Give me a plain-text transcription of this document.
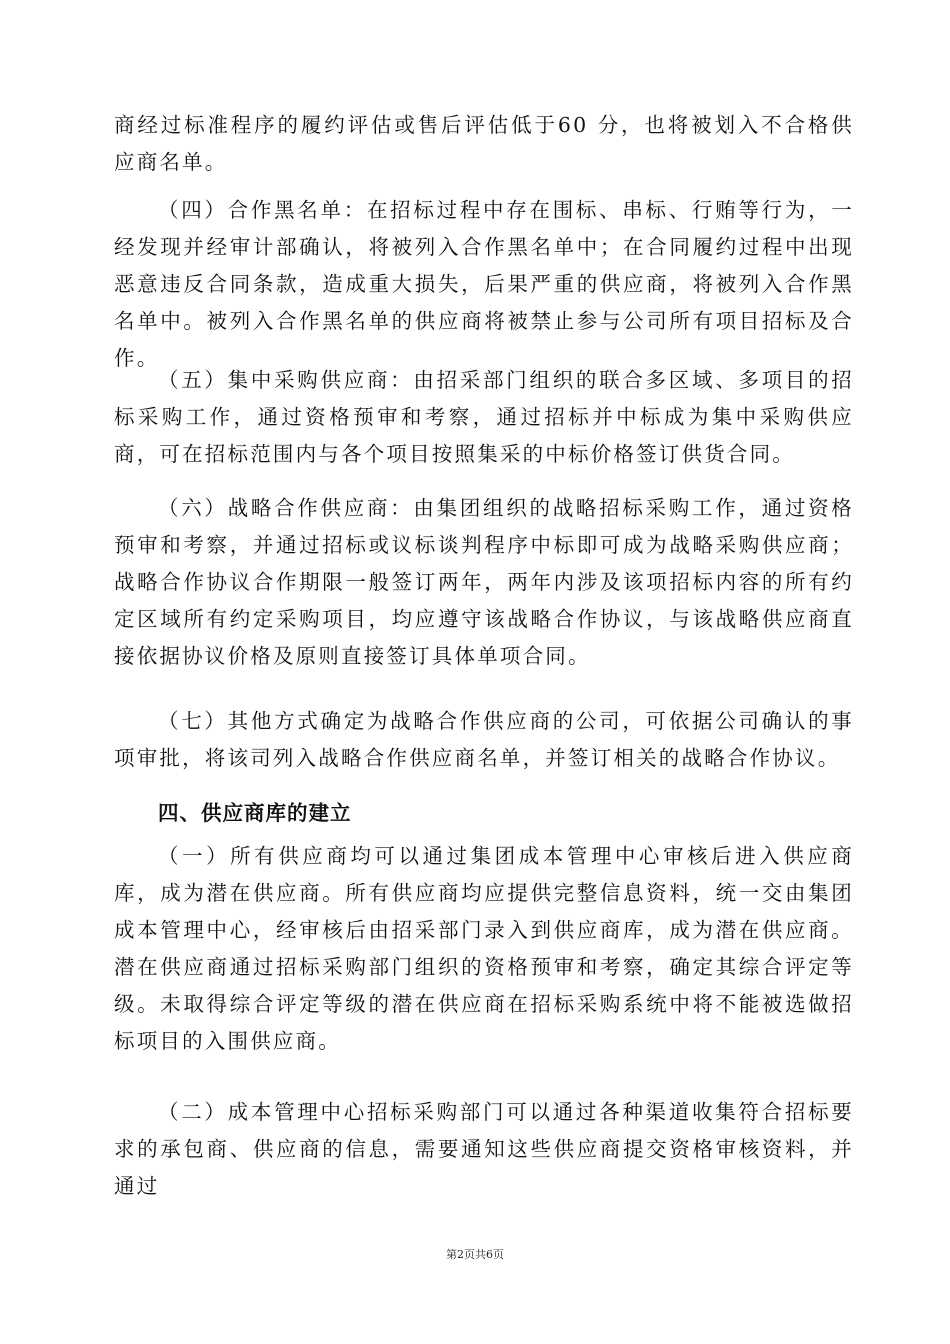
商经过标准程序的履约评估或售后评估低于60 分，也将被划入不合格供应商名单。

（四）合作黑名单：在招标过程中存在围标、串标、行贿等行为，一经发现并经审计部确认，将被列入合作黑名单中；在合同履约过程中出现恶意违反合同条款，造成重大损失，后果严重的供应商，将被列入合作黑名单中。被列入合作黑名单的供应商将被禁止参与公司所有项目招标及合作。

（五）集中采购供应商：由招采部门组织的联合多区域、多项目的招标采购工作，通过资格预审和考察，通过招标并中标成为集中采购供应商，可在招标范围内与各个项目按照集采的中标价格签订供货合同。

（六）战略合作供应商：由集团组织的战略招标采购工作，通过资格预审和考察，并通过招标或议标谈判程序中标即可成为战略采购供应商；战略合作协议合作期限一般签订两年，两年内涉及该项招标内容的所有约定区域所有约定采购项目，均应遵守该战略合作协议，与该战略供应商直接依据协议价格及原则直接签订具体单项合同。

（七）其他方式确定为战略合作供应商的公司，可依据公司确认的事项审批，将该司列入战略合作供应商名单，并签订相关的战略合作协议。

四、供应商库的建立

（一）所有供应商均可以通过集团成本管理中心审核后进入供应商库，成为潜在供应商。所有供应商均应提供完整信息资料，统一交由集团成本管理中心，经审核后由招采部门录入到供应商库，成为潜在供应商。潜在供应商通过招标采购部门组织的资格预审和考察，确定其综合评定等级。未取得综合评定等级的潜在供应商在招标采购系统中将不能被选做招标项目的入围供应商。

（二）成本管理中心招标采购部门可以通过各种渠道收集符合招标要求的承包商、供应商的信息，需要通知这些供应商提交资格审核资料，并通过

第2页共6页
